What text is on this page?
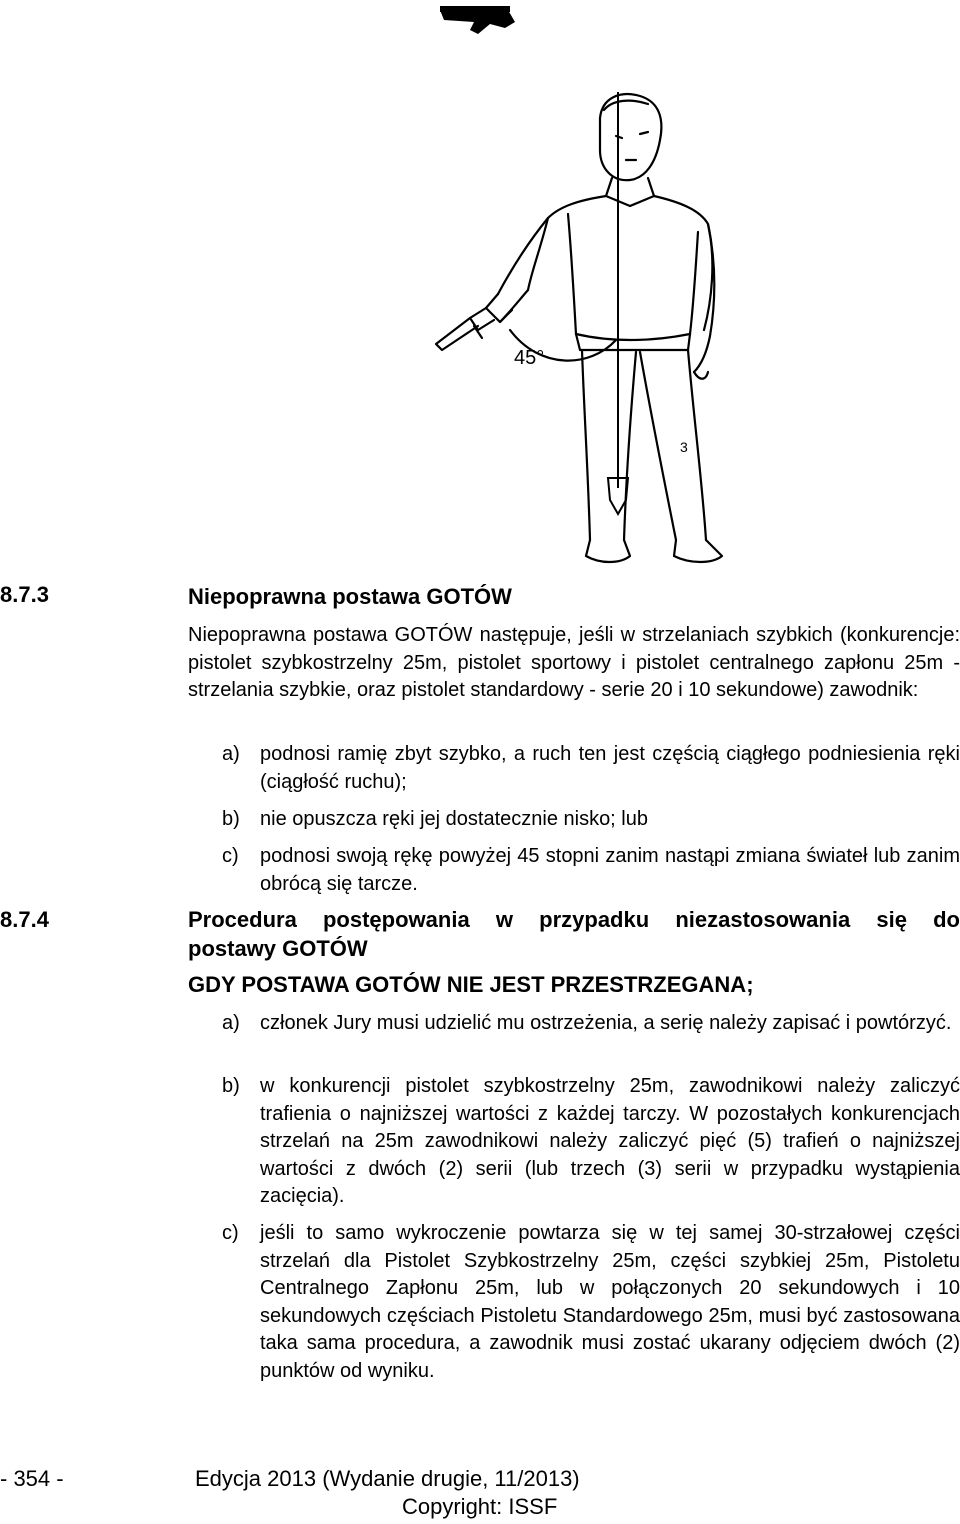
45°
3
8.7.3	Niepoprawna postawa GOTÓW

Niepoprawna postawa GOTÓW następuje, jeśli w strzelaniach szybkich (konkurencje: pistolet szybkostrzelny 25m, pistolet sportowy i pistolet centralnego zapłonu 25m - strzelania szybkie, oraz pistolet standardowy - serie 20 i 10 sekundowe) zawodnik:

a) podnosi ramię zbyt szybko, a ruch ten jest częścią ciągłego podniesienia ręki (ciągłość ruchu);
b) nie opuszcza ręki jej dostatecznie nisko; lub
c) podnosi swoją rękę powyżej 45 stopni zanim nastąpi zmiana świateł lub zanim obrócą się tarcze.
8.7.4	Procedura postępowania w przypadku niezastosowania się do
postawy GOTÓW
GDY POSTAWA GOTÓW NIE JEST PRZESTRZEGANA;
a) członek Jury musi udzielić mu ostrzeżenia, a serię należy zapisać i powtórzyć.
b) w konkurencji pistolet szybkostrzelny 25m, zawodnikowi należy zaliczyć trafienia o najniższej wartości z każdej tarczy. W pozostałych konkurencjach strzelań na 25m zawodnikowi należy zaliczyć pięć (5) trafień o najniższej wartości z dwóch (2) serii (lub trzech (3) serii w przypadku wystąpienia zacięcia).
c) jeśli to samo wykroczenie powtarza się w tej samej 30-strzałowej części strzelań dla Pistolet Szybkostrzelny 25m, części szybkiej 25m, Pistoletu Centralnego Zapłonu 25m, lub w połączonych 20 sekundowych i 10 sekundowych częściach Pistoletu Standardowego 25m, musi być zastosowana taka sama procedura, a zawodnik musi zostać ukarany odjęciem dwóch (2) punktów od wyniku.
- 354 -	Edycja 2013 (Wydanie drugie, 11/2013)
Copyright: ISSF
